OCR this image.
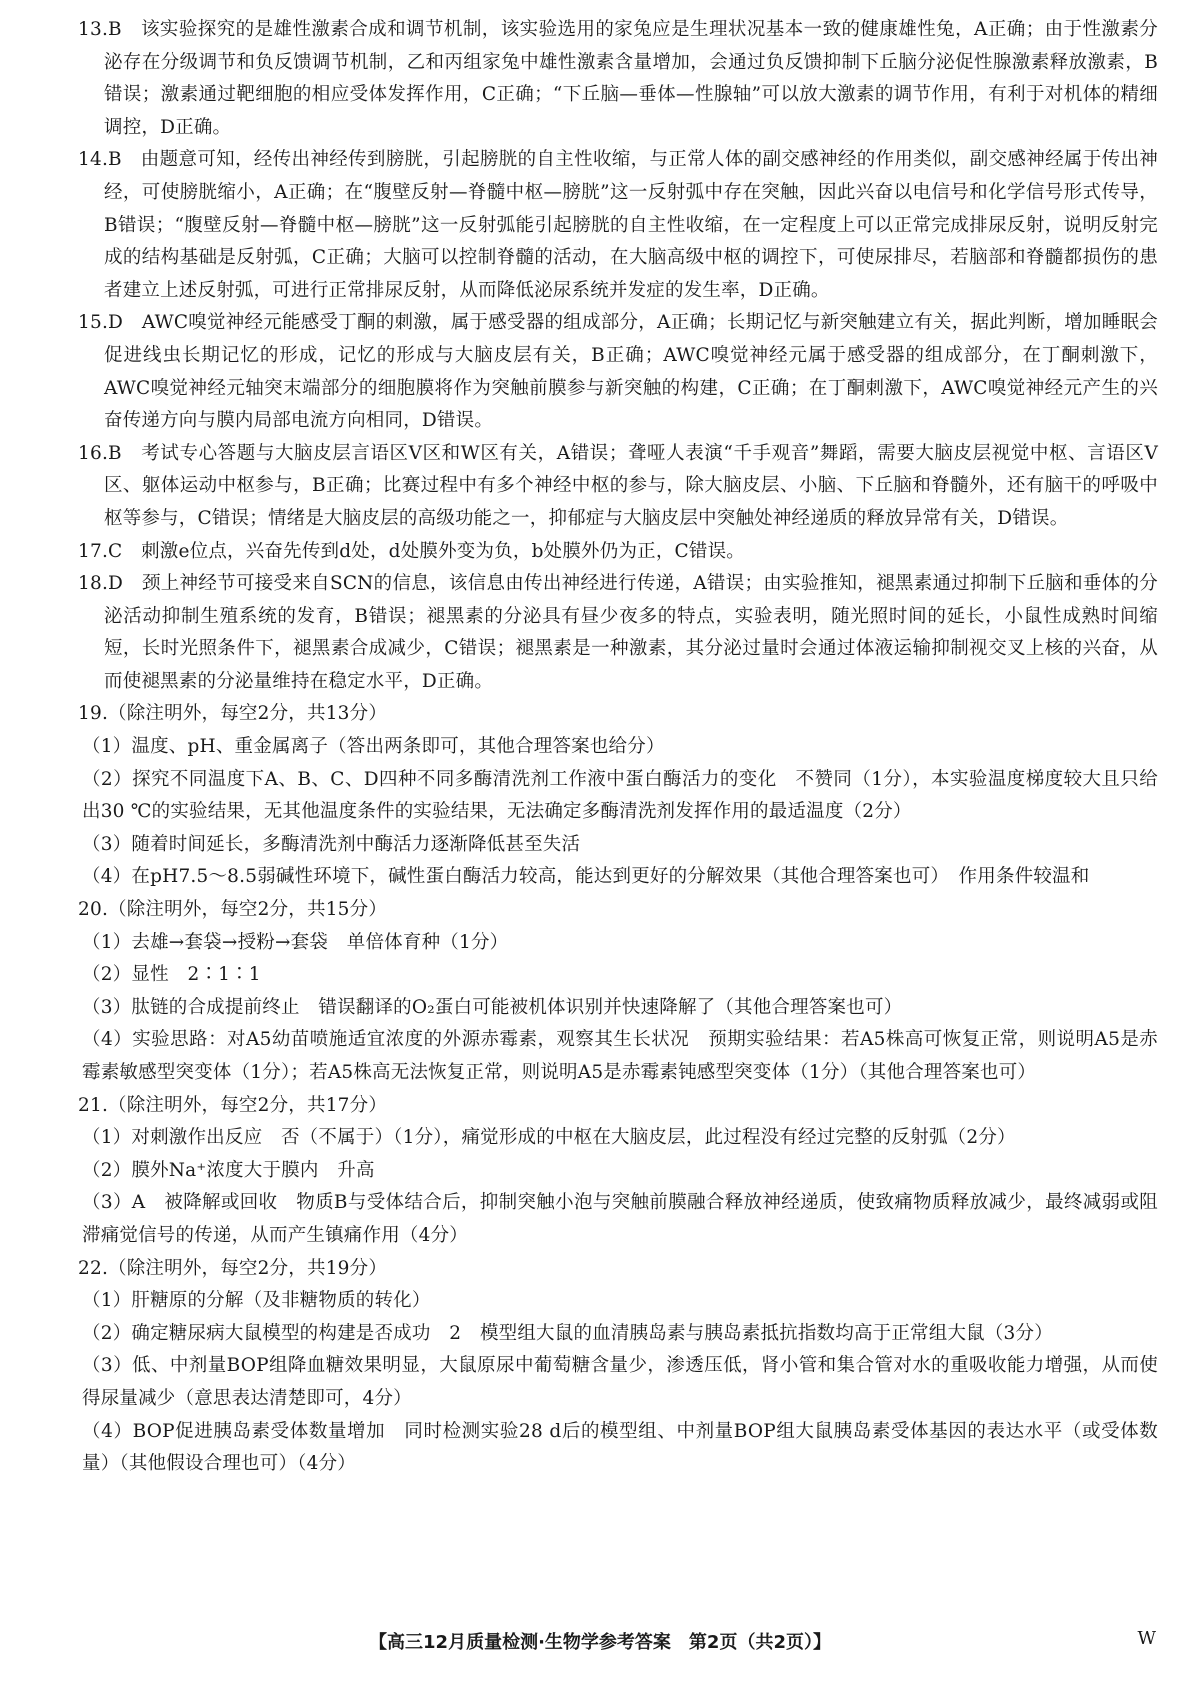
13.B　该实验探究的是雄性激素合成和调节机制，该实验选用的家兔应是生理状况基本一致的健康雄性兔，A正确；由于性激素分泌存在分级调节和负反馈调节机制，乙和丙组家兔中雄性激素含量增加，会通过负反馈抑制下丘脑分泌促性腺激素释放激素，B错误；激素通过靶细胞的相应受体发挥作用，C正确；“下丘脑—垂体—性腺轴”可以放大激素的调节作用，有利于对机体的精细调控，D正确。
14.B　由题意可知，经传出神经传到膀胱，引起膀胱的自主性收缩，与正常人体的副交感神经的作用类似，副交感神经属于传出神经，可使膀胱缩小，A正确；在“腹壁反射—脊髓中枢—膀胱”这一反射弧中存在突触，因此兴奋以电信号和化学信号形式传导，B错误；“腹壁反射—脊髓中枢—膀胱”这一反射弧能引起膀胱的自主性收缩，在一定程度上可以正常完成排尿反射，说明反射完成的结构基础是反射弧，C正确；大脑可以控制脊髓的活动，在大脑高级中枢的调控下，可使尿排尽，若脑部和脊髓都损伤的患者建立上述反射弧，可进行正常排尿反射，从而降低泌尿系统并发症的发生率，D正确。
15.D　AWC嗅觉神经元能感受丁酮的刺激，属于感受器的组成部分，A正确；长期记忆与新突触建立有关，据此判断，增加睡眠会促进线虫长期记忆的形成，记忆的形成与大脑皮层有关，B正确；AWC嗅觉神经元属于感受器的组成部分，在丁酮刺激下，AWC嗅觉神经元轴突末端部分的细胞膜将作为突触前膜参与新突触的构建，C正确；在丁酮刺激下，AWC嗅觉神经元产生的兴奋传递方向与膜内局部电流方向相同，D错误。
16.B　考试专心答题与大脑皮层言语区Ⅴ区和W区有关，A错误；聋哑人表演“千手观音”舞蹈，需要大脑皮层视觉中枢、言语区Ⅴ区、躯体运动中枢参与，B正确；比赛过程中有多个神经中枢的参与，除大脑皮层、小脑、下丘脑和脊髓外，还有脑干的呼吸中枢等参与，C错误；情绪是大脑皮层的高级功能之一，抑郁症与大脑皮层中突触处神经递质的释放异常有关，D错误。
17.C　刺激e位点，兴奋先传到d处，d处膜外变为负，b处膜外仍为正，C错误。
18.D　颈上神经节可接受来自SCN的信息，该信息由传出神经进行传递，A错误；由实验推知，褪黑素通过抑制下丘脑和垂体的分泌活动抑制生殖系统的发育，B错误；褪黑素的分泌具有昼少夜多的特点，实验表明，随光照时间的延长，小鼠性成熟时间缩短，长时光照条件下，褪黑素合成减少，C错误；褪黑素是一种激素，其分泌过量时会通过体液运输抑制视交叉上核的兴奋，从而使褪黑素的分泌量维持在稳定水平，D正确。
19.（除注明外，每空2分，共13分）
（1）温度、pH、重金属离子（答出两条即可，其他合理答案也给分）
（2）探究不同温度下A、B、C、D四种不同多酶清洗剂工作液中蛋白酶活力的变化　不赞同（1分），本实验温度梯度较大且只给出30 ℃的实验结果，无其他温度条件的实验结果，无法确定多酶清洗剂发挥作用的最适温度（2分）
（3）随着时间延长，多酶清洗剂中酶活力逐渐降低甚至失活
（4）在pH7.5～8.5弱碱性环境下，碱性蛋白酶活力较高，能达到更好的分解效果（其他合理答案也可）　作用条件较温和
20.（除注明外，每空2分，共15分）
（1）去雄→套袋→授粉→套袋　单倍体育种（1分）
（2）显性　2∶1∶1
（3）肽链的合成提前终止　错误翻译的O₂蛋白可能被机体识别并快速降解了（其他合理答案也可）
（4）实验思路：对A5幼苗喷施适宜浓度的外源赤霉素，观察其生长状况　预期实验结果：若A5株高可恢复正常，则说明A5是赤霉素敏感型突变体（1分）；若A5株高无法恢复正常，则说明A5是赤霉素钝感型突变体（1分）（其他合理答案也可）
21.（除注明外，每空2分，共17分）
（1）对刺激作出反应　否（不属于）（1分），痛觉形成的中枢在大脑皮层，此过程没有经过完整的反射弧（2分）
（2）膜外Na⁺浓度大于膜内　升高
（3）A　被降解或回收　物质B与受体结合后，抑制突触小泡与突触前膜融合释放神经递质，使致痛物质释放减少，最终减弱或阻滞痛觉信号的传递，从而产生镇痛作用（4分）
22.（除注明外，每空2分，共19分）
（1）肝糖原的分解（及非糖物质的转化）
（2）确定糖尿病大鼠模型的构建是否成功　2　模型组大鼠的血清胰岛素与胰岛素抵抗指数均高于正常组大鼠（3分）
（3）低、中剂量BOP组降血糖效果明显，大鼠原尿中葡萄糖含量少，渗透压低，肾小管和集合管对水的重吸收能力增强，从而使得尿量减少（意思表达清楚即可，4分）
（4）BOP促进胰岛素受体数量增加　同时检测实验28 d后的模型组、中剂量BOP组大鼠胰岛素受体基因的表达水平（或受体数量）（其他假设合理也可）（4分）
【高三12月质量检测·生物学参考答案　第2页（共2页）】	W
